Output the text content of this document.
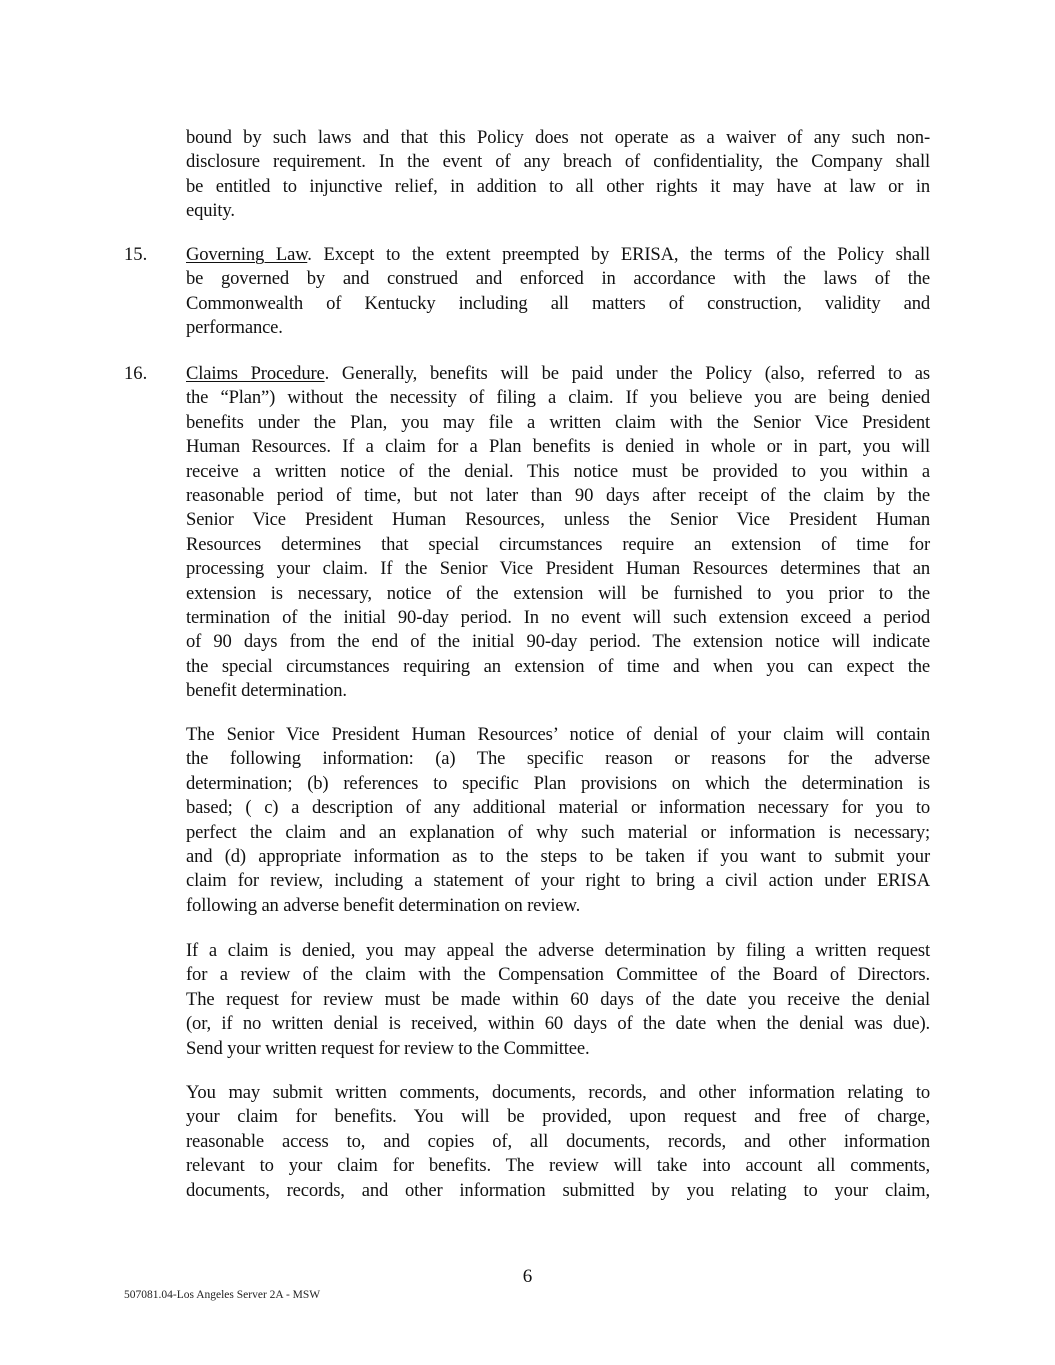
bound by such laws and that this Policy does not operate as a waiver of any such non-
disclosure requirement. In the event of any breach of confidentiality, the Company shall
be entitled to injunctive relief, in addition to all other rights it may have at law or in
equity.
15. Governing Law. Except to the extent preempted by ERISA, the terms of the Policy shall
be governed by and construed and enforced in accordance with the laws of the
Commonwealth of Kentucky including all matters of construction, validity and
performance.
16. Claims Procedure. Generally, benefits will be paid under the Policy (also, referred to as
the “Plan”) without the necessity of filing a claim. If you believe you are being denied
benefits under the Plan, you may file a written claim with the Senior Vice President
Human Resources. If a claim for a Plan benefits is denied in whole or in part, you will
receive a written notice of the denial. This notice must be provided to you within a
reasonable period of time, but not later than 90 days after receipt of the claim by the
Senior Vice President Human Resources, unless the Senior Vice President Human
Resources determines that special circumstances require an extension of time for
processing your claim. If the Senior Vice President Human Resources determines that an
extension is necessary, notice of the extension will be furnished to you prior to the
termination of the initial 90-day period. In no event will such extension exceed a period
of 90 days from the end of the initial 90-day period. The extension notice will indicate
the special circumstances requiring an extension of time and when you can expect the
benefit determination.
The Senior Vice President Human Resources’ notice of denial of your claim will contain
the following information: (a) The specific reason or reasons for the adverse
determination; (b) references to specific Plan provisions on which the determination is
based; ( c) a description of any additional material or information necessary for you to
perfect the claim and an explanation of why such material or information is necessary;
and (d) appropriate information as to the steps to be taken if you want to submit your
claim for review, including a statement of your right to bring a civil action under ERISA
following an adverse benefit determination on review.
If a claim is denied, you may appeal the adverse determination by filing a written request
for a review of the claim with the Compensation Committee of the Board of Directors.
The request for review must be made within 60 days of the date you receive the denial
(or, if no written denial is received, within 60 days of the date when the denial was due).
Send your written request for review to the Committee.
You may submit written comments, documents, records, and other information relating to
your claim for benefits. You will be provided, upon request and free of charge,
reasonable access to, and copies of, all documents, records, and other information
relevant to your claim for benefits. The review will take into account all comments,
documents, records, and other information submitted by you relating to your claim,
6
507081.04-Los Angeles Server 2A - MSW
